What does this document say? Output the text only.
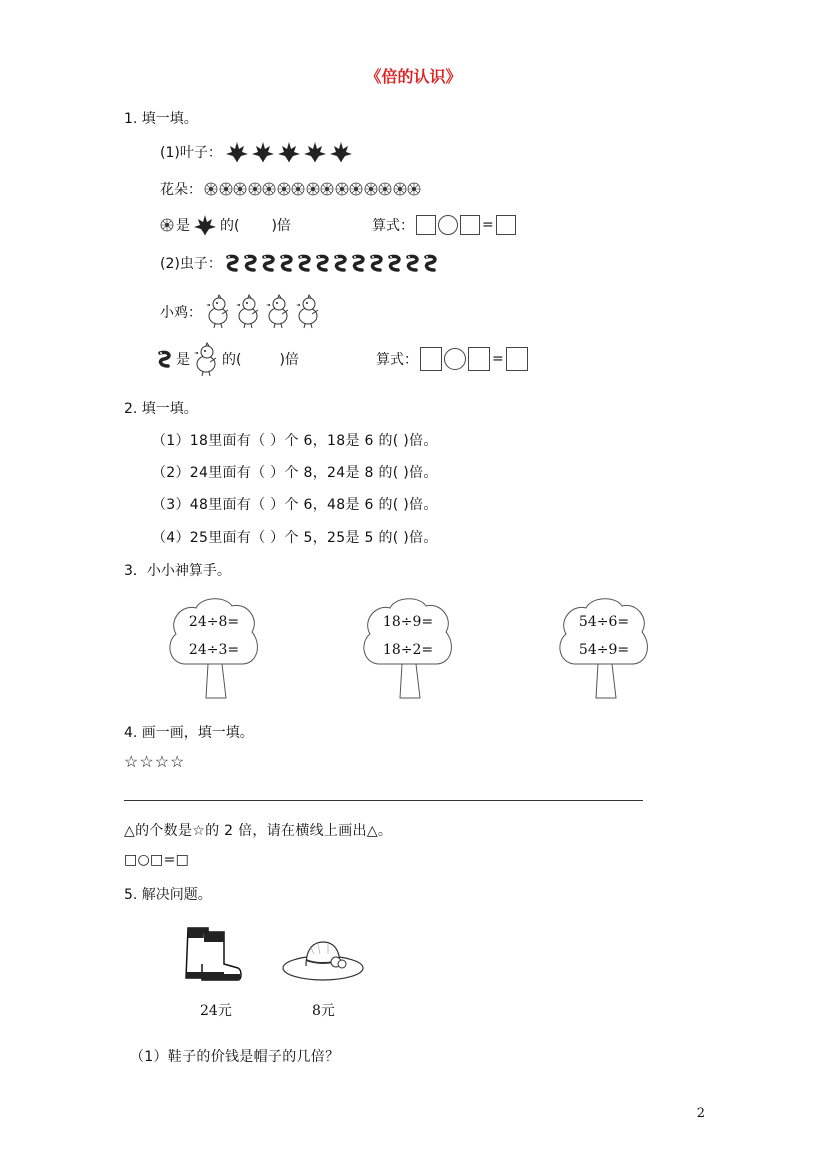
《倍的认识》
1. 填一填。
(1)叶子：
花朵：
是 的( )倍	算式：	=
(2)虫子：
小鸡：
是 的(	)倍	算式：	=
2. 填一填。
（1）18里面有（ ）个 6，18是 6 的( )倍。
（2）24里面有（ ）个 8，24是 8 的( )倍。
（3）48里面有（ ）个 6，48是 6 的( )倍。
（4）25里面有（ ）个 5，25是 5 的( )倍。
3．小小神算手。
24÷8=
24÷3=
18÷9=
18÷2=
54÷6=
54÷9=
4. 画一画，填一填。
☆☆☆☆
△的个数是☆的 2 倍，请在横线上画出△。
□○□=□
5. 解决问题。
24元	8元
（1）鞋子的价钱是帽子的几倍？
2
